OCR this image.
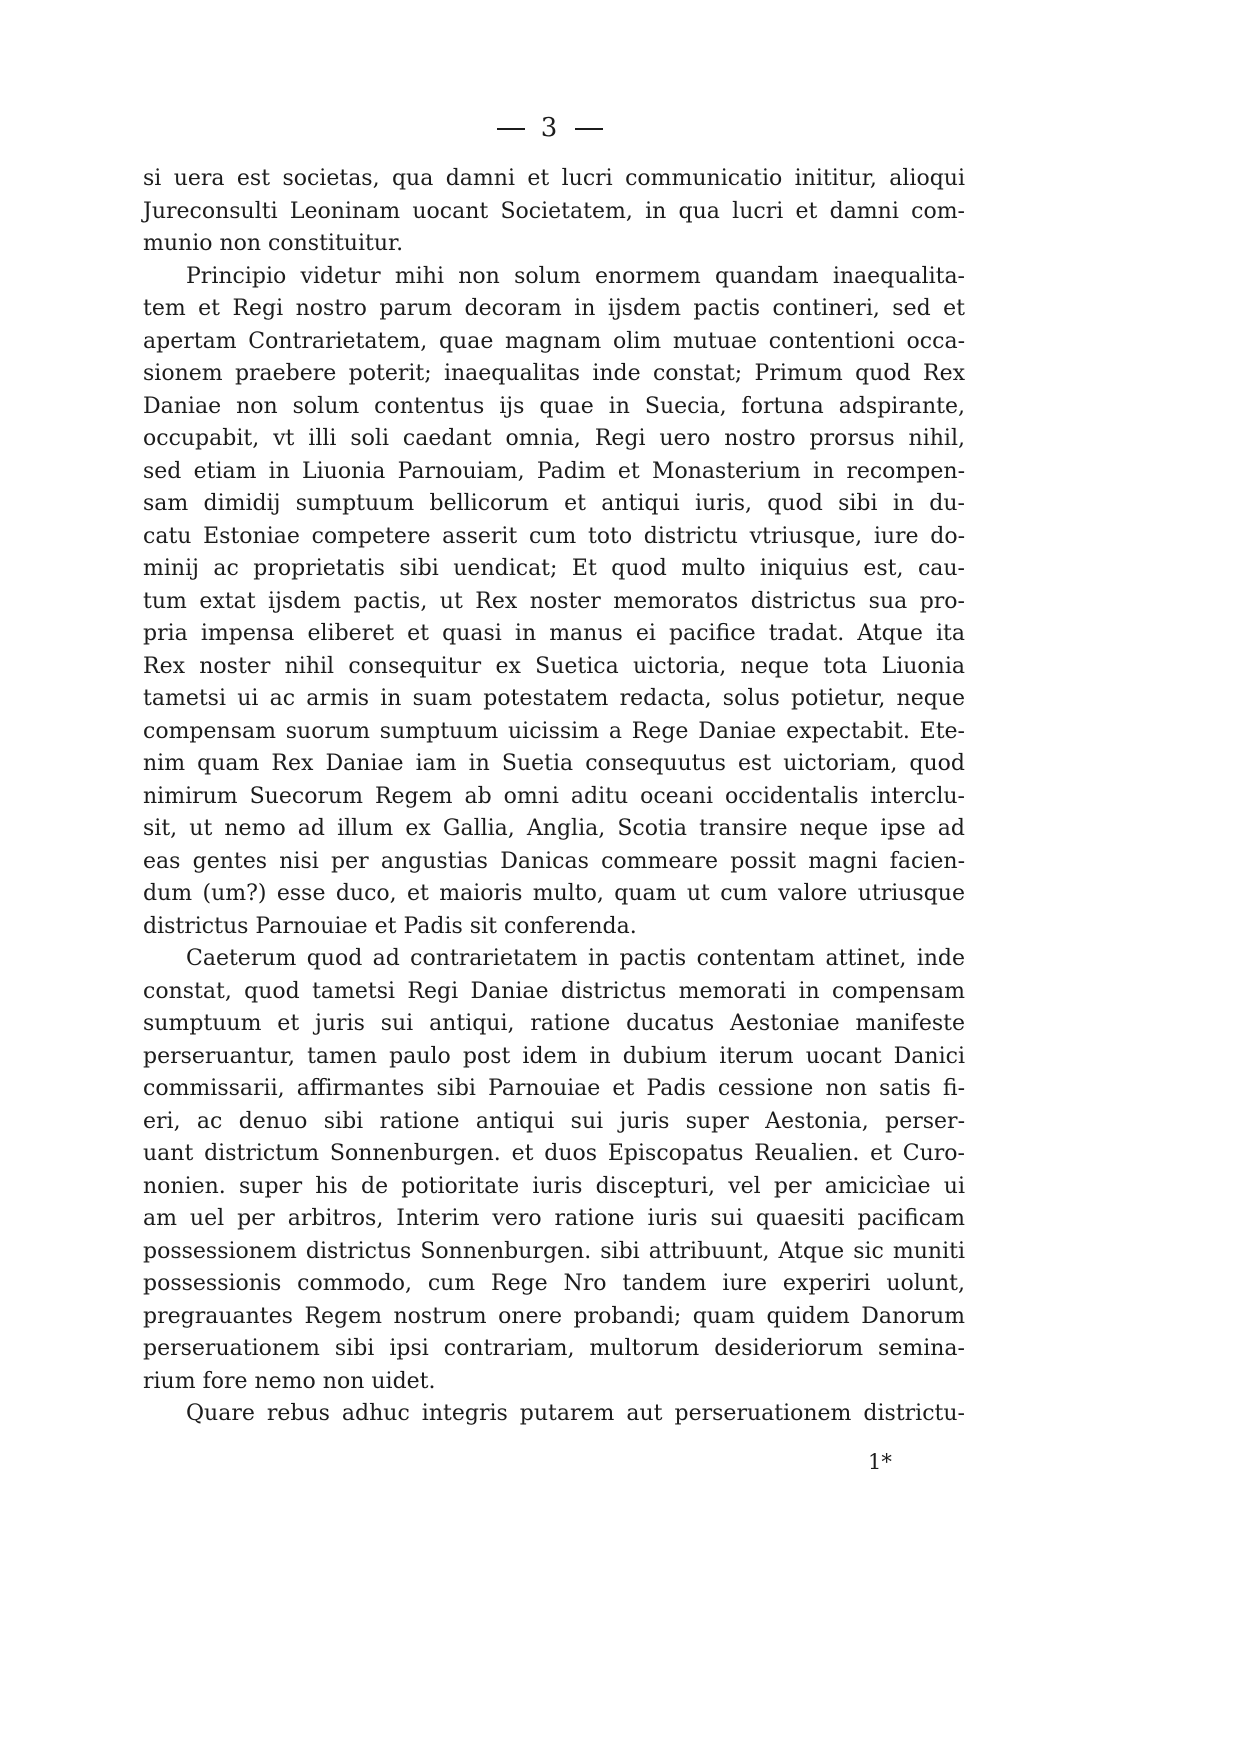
3
si uera est societas, qua damni et lucri communicatio inititur, alioqui
Jureconsulti Leoninam uocant Societatem, in qua lucri et damni com-
munio non constituitur.
Principio videtur mihi non solum enormem quandam inaequalita-
tem et Regi nostro parum decoram in ijsdem pactis contineri, sed et
apertam Contrarietatem, quae magnam olim mutuae contentioni occa-
sionem praebere poterit; inaequalitas inde constat; Primum quod Rex
Daniae non solum contentus ijs quae in Suecia, fortuna adspirante,
occupabit, vt illi soli caedant omnia, Regi uero nostro prorsus nihil,
sed etiam in Liuonia Parnouiam, Padim et Monasterium in recompen-
sam dimidij sumptuum bellicorum et antiqui iuris, quod sibi in du-
catu Estoniae competere asserit cum toto districtu vtriusque, iure do-
minij ac proprietatis sibi uendicat; Et quod multo iniquius est, cau-
tum extat ijsdem pactis, ut Rex noster memoratos districtus sua pro-
pria impensa eliberet et quasi in manus ei pacifice tradat. Atque ita
Rex noster nihil consequitur ex Suetica uictoria, neque tota Liuonia
tametsi ui ac armis in suam potestatem redacta, solus potietur, neque
compensam suorum sumptuum uicissim a Rege Daniae expectabit. Ete-
nim quam Rex Daniae iam in Suetia consequutus est uictoriam, quod
nimirum Suecorum Regem ab omni aditu oceani occidentalis interclu-
sit, ut nemo ad illum ex Gallia, Anglia, Scotia transire neque ipse ad
eas gentes nisi per angustias Danicas commeare possit magni facien-
dum (um?) esse duco, et maioris multo, quam ut cum valore utriusque
districtus Parnouiae et Padis sit conferenda.
Caeterum quod ad contrarietatem in pactis contentam attinet, inde
constat, quod tametsi Regi Daniae districtus memorati in compensam
sumptuum et juris sui antiqui, ratione ducatus Aestoniae manifeste
perseruantur, tamen paulo post idem in dubium iterum uocant Danici
commissarii, affirmantes sibi Parnouiae et Padis cessione non satis fi-
eri, ac denuo sibi ratione antiqui sui juris super Aestonia, perser-
uant districtum Sonnenburgen. et duos Episcopatus Reualien. et Curo-
nonien. super his de potioritate iuris discepturi, vel per amicicìae ui
am uel per arbitros, Interim vero ratione iuris sui quaesiti pacificam
possessionem districtus Sonnenburgen. sibi attribuunt, Atque sic muniti
possessionis commodo, cum Rege Nro tandem iure experiri uolunt,
pregrauantes Regem nostrum onere probandi; quam quidem Danorum
perseruationem sibi ipsi contrariam, multorum desideriorum semina-
rium fore nemo non uidet.
Quare rebus adhuc integris putarem aut perseruationem districtu-
1*
